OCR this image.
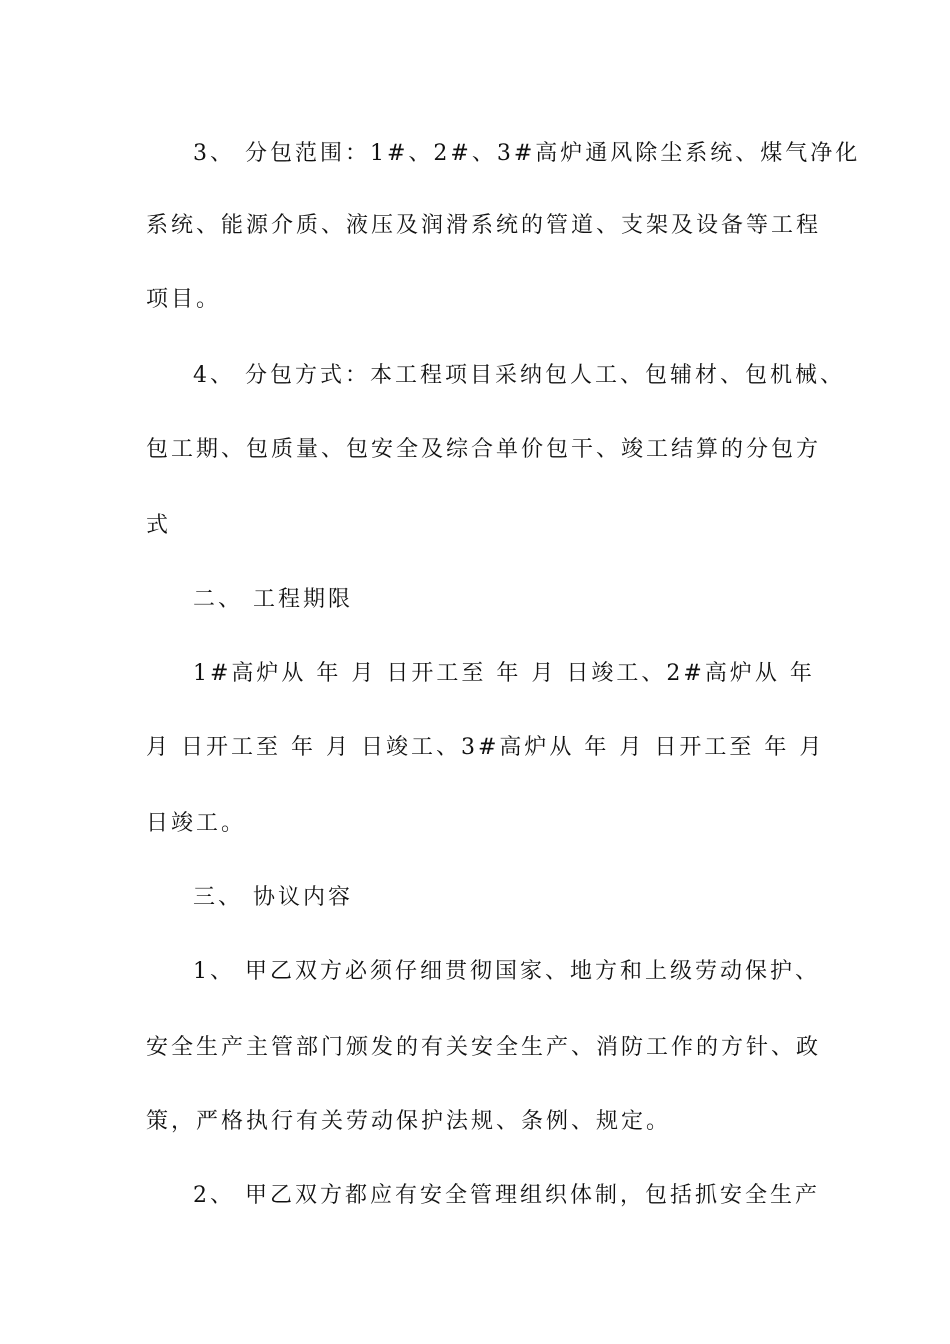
3、 分包范围：1#、2#、3#高炉通风除尘系统、煤气净化
系统、能源介质、液压及润滑系统的管道、支架及设备等工程
项目。
4、 分包方式：本工程项目采纳包人工、包辅材、包机械、
包工期、包质量、包安全及综合单价包干、竣工结算的分包方
式
二、 工程期限
1#高炉从 年 月 日开工至 年 月 日竣工、2#高炉从 年
月 日开工至 年 月 日竣工、3#高炉从 年 月 日开工至 年 月
日竣工。
三、 协议内容
1、 甲乙双方必须仔细贯彻国家、地方和上级劳动保护、
安全生产主管部门颁发的有关安全生产、消防工作的方针、政
策，严格执行有关劳动保护法规、条例、规定。
2、 甲乙双方都应有安全管理组织体制，包括抓安全生产
